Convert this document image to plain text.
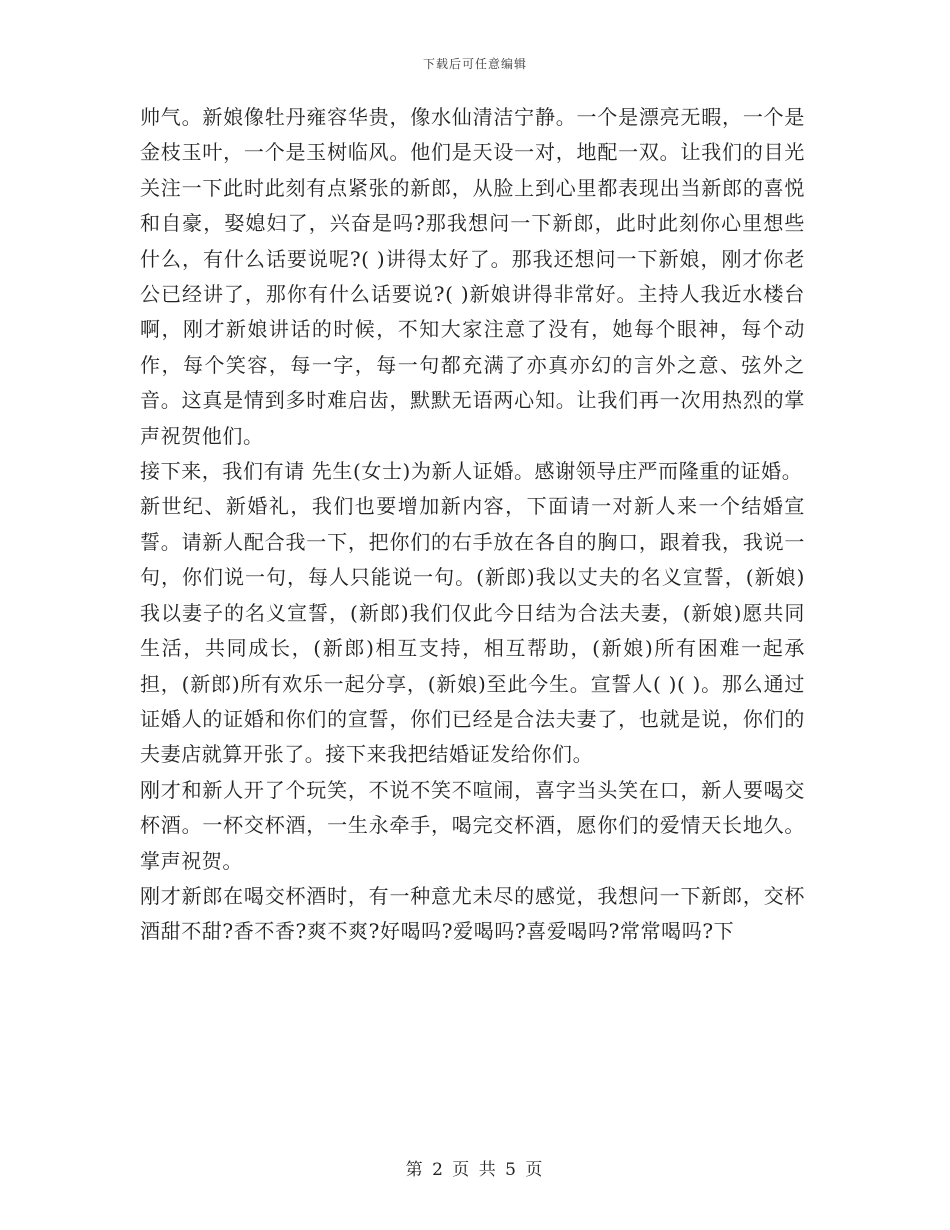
下载后可任意编辑

帅气。新娘像牡丹雍容华贵，像水仙清洁宁静。一个是漂亮无暇，一个是金枝玉叶，一个是玉树临风。他们是天设一对，地配一双。让我们的目光关注一下此时此刻有点紧张的新郎，从脸上到心里都表现出当新郎的喜悦和自豪，娶媳妇了，兴奋是吗?那我想问一下新郎，此时此刻你心里想些什么，有什么话要说呢?( )讲得太好了。那我还想问一下新娘，刚才你老公已经讲了，那你有什么话要说?( )新娘讲得非常好。主持人我近水楼台啊，刚才新娘讲话的时候，不知大家注意了没有，她每个眼神，每个动作，每个笑容，每一字，每一句都充满了亦真亦幻的言外之意、弦外之音。这真是情到多时难启齿，默默无语两心知。让我们再一次用热烈的掌声祝贺他们。

接下来，我们有请 先生(女士)为新人证婚。感谢领导庄严而隆重的证婚。

新世纪、新婚礼，我们也要增加新内容，下面请一对新人来一个结婚宣誓。请新人配合我一下，把你们的右手放在各自的胸口，跟着我，我说一句，你们说一句，每人只能说一句。(新郎)我以丈夫的名义宣誓，(新娘)我以妻子的名义宣誓，(新郎)我们仅此今日结为合法夫妻，(新娘)愿共同生活，共同成长，(新郎)相互支持，相互帮助，(新娘)所有困难一起承担，(新郎)所有欢乐一起分享，(新娘)至此今生。宣誓人( )( )。那么通过证婚人的证婚和你们的宣誓，你们已经是合法夫妻了，也就是说，你们的夫妻店就算开张了。接下来我把结婚证发给你们。

刚才和新人开了个玩笑，不说不笑不喧闹，喜字当头笑在口，新人要喝交杯酒。一杯交杯酒，一生永牵手，喝完交杯酒，愿你们的爱情天长地久。掌声祝贺。

刚才新郎在喝交杯酒时，有一种意尤未尽的感觉，我想问一下新郎，交杯酒甜不甜?香不香?爽不爽?好喝吗?爱喝吗?喜爱喝吗?常常喝吗?下

第 2 页 共 5 页
